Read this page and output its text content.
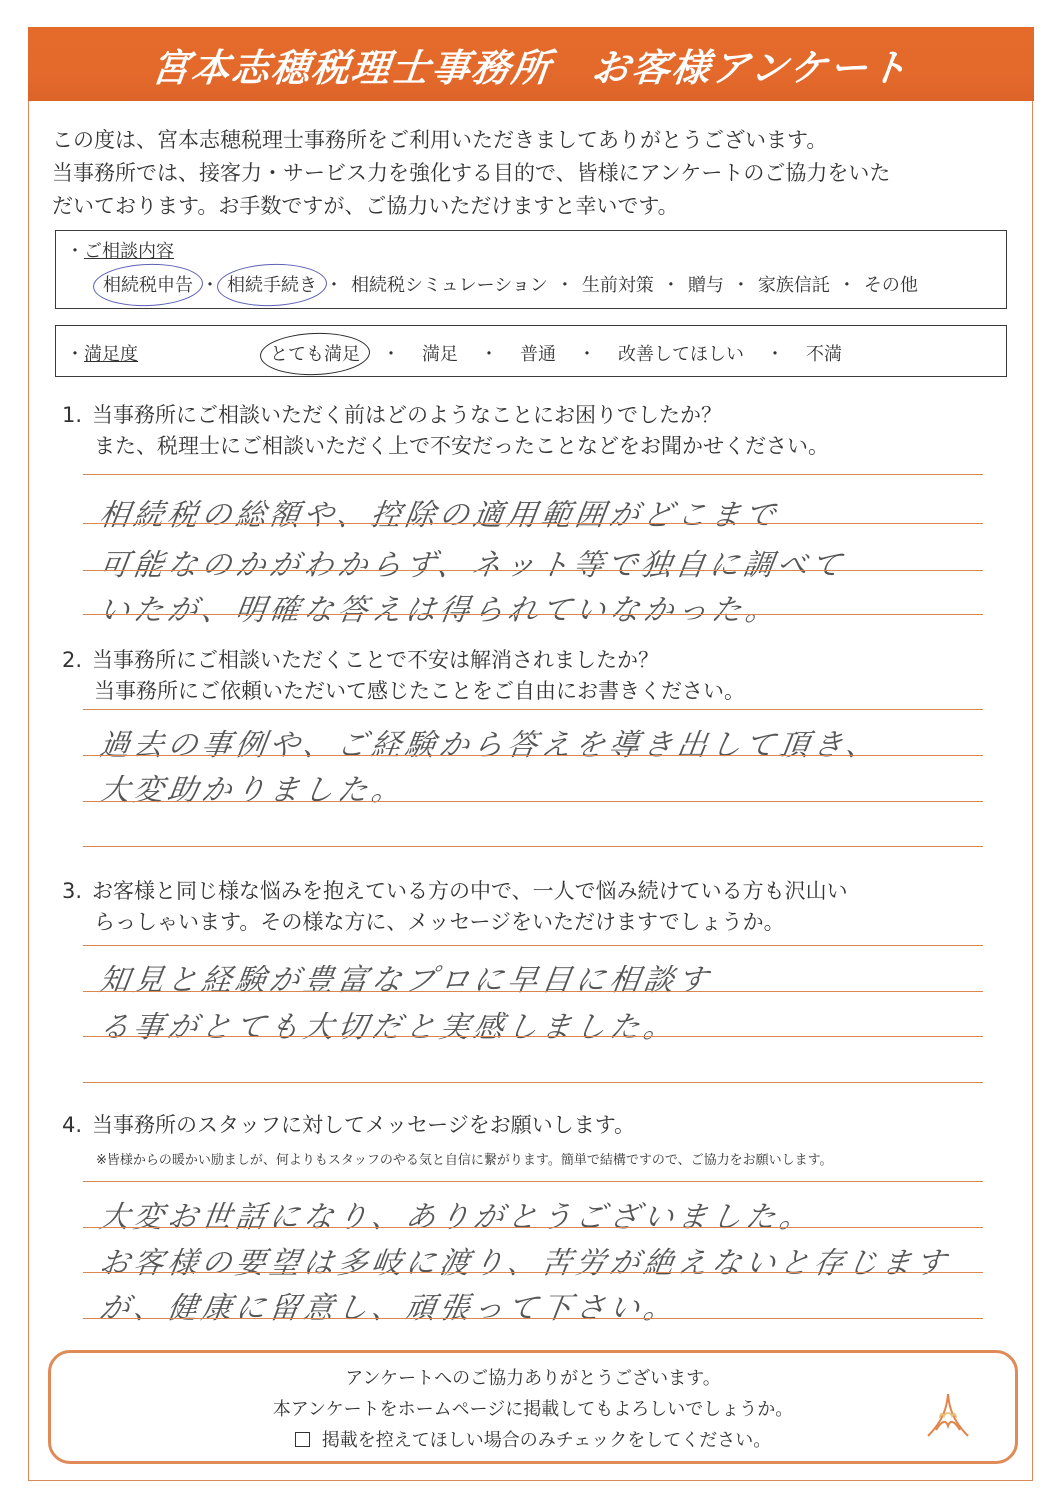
宮本志穂税理士事務所　お客様アンケート

この度は、宮本志穂税理士事務所をご利用いただきましてありがとうございます。

当事務所では、接客力・サービス力を強化する目的で、皆様にアンケートのご協力をいた

だいております。お手数ですが、ご協力いただけますと幸いです。

・ご相談内容
相続税申告 ・ 相続手続き ・ 相続税シミュレーション ・ 生前対策 ・ 贈与 ・ 家族信託 ・ その他
・満足度	とても満足 ・ 満足 ・ 普通 ・ 改善してほしい ・ 不満
1. 当事務所にご相談いただく前はどのようなことにお困りでしたか？
また、税理士にご相談いただく上で不安だったことなどをお聞かせください。
相続税の総額や、控除の適用範囲がどこまで
可能なのかがわからず、ネット等で独自に調べて
いたが、明確な答えは得られていなかった。
2. 当事務所にご相談いただくことで不安は解消されましたか？
当事務所にご依頼いただいて感じたことをご自由にお書きください。
過去の事例や、ご経験から答えを導き出して頂き、
大変助かりました。
3. お客様と同じ様な悩みを抱えている方の中で、一人で悩み続けている方も沢山い
らっしゃいます。その様な方に、メッセージをいただけますでしょうか。
知見と経験が豊富なプロに早目に相談す
る事がとても大切だと実感しました。
4. 当事務所のスタッフに対してメッセージをお願いします。
※皆様からの暖かい励ましが、何よりもスタッフのやる気と自信に繋がります。簡単で結構ですので、ご協力をお願いします。
大変お世話になり、ありがとうございました。
お客様の要望は多岐に渡り、苦労が絶えないと存じます
が、健康に留意し、頑張って下さい。

アンケートへのご協力ありがとうございます。

本アンケートをホームページに掲載してもよろしいでしょうか。

掲載を控えてほしい場合のみチェックをしてください。
